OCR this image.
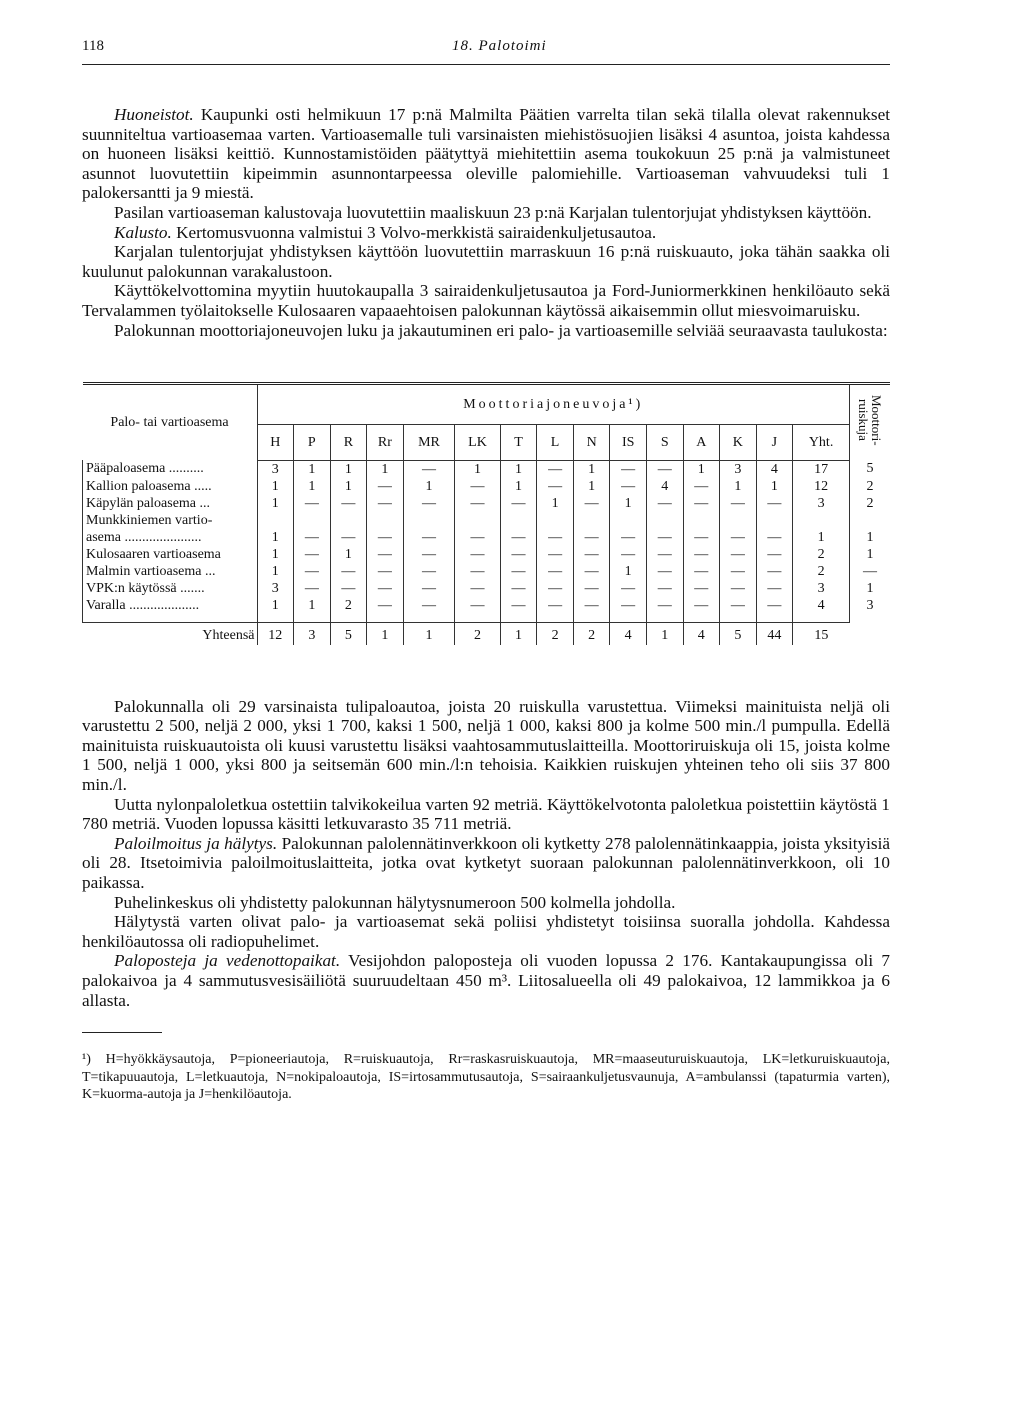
118	18. Palotoimi

Huoneistot. Kaupunki osti helmikuun 17 p:nä Malmilta Päätien varrelta tilan sekä tilalla olevat rakennukset suunniteltua vartioasemaa varten. Vartioasemalle tuli varsinaisten miehistösuojien lisäksi 4 asuntoa, joista kahdessa on huoneen lisäksi keittiö. Kunnostamistöiden päätyttyä miehitettiin asema toukokuun 25 p:nä ja valmistuneet asunnot luovutettiin kipeimmin asunnontarpeessa oleville palomiehille. Vartioaseman vahvuudeksi tuli 1 palokersantti ja 9 miestä.

Pasilan vartioaseman kalustovaja luovutettiin maaliskuun 23 p:nä Karjalan tulentorjujat yhdistyksen käyttöön.

Kalusto. Kertomusvuonna valmistui 3 Volvo-merkkistä sairaidenkuljetusautoa.

Karjalan tulentorjujat yhdistyksen käyttöön luovutettiin marraskuun 16 p:nä ruiskuauto, joka tähän saakka oli kuulunut palokunnan varakalustoon.

Käyttökelvottomina myytiin huutokaupalla 3 sairaidenkuljetusautoa ja Ford-Juniormerkkinen henkilöauto sekä Tervalammen työlaitokselle Kulosaaren vapaaehtoisen palokunnan käytössä aikaisemmin ollut miesvoimaruisku.

Palokunnan moottoriajoneuvojen luku ja jakautuminen eri palo- ja vartioasemille selviää seuraavasta taulukosta:

Palo- tai vartioasema	Moottoriajoneuvoja¹)															Moottori-ruiskuja
	H	P	R	Rr	MR	LK	T	L	N	IS	S	A	K	J	Yht.	
Pääpaloasema ..........	3	1	1	1	—	1	1	—	1	—	—	1	3	4	17	5
Kallion paloasema .....	1	1	1	—	1	—	1	—	1	—	4	—	1	1	12	2
Käpylän paloasema ...	1	—	—	—	—	—	—	1	—	1	—	—	—	—	3	2
Munkkiniemen vartio-																
asema ......................	1	—	—	—	—	—	—	—	—	—	—	—	—	—	1	1
Kulosaaren vartioasema	1	—	1	—	—	—	—	—	—	—	—	—	—	—	2	1
Malmin vartioasema ...	1	—	—	—	—	—	—	—	—	1	—	—	—	—	2	—
VPK:n käytössä .......	3	—	—	—	—	—	—	—	—	—	—	—	—	—	3	1
Varalla ....................	1	1	2	—	—	—	—	—	—	—	—	—	—	—	4	3

Yhteensä	12	3	5	1	1	2	1	2	2	4	1	4	5	44	15	

Palokunnalla oli 29 varsinaista tulipaloautoa, joista 20 ruiskulla varustettua. Viimeksi mainituista neljä oli varustettu 2 500, neljä 2 000, yksi 1 700, kaksi 1 500, neljä 1 000, kaksi 800 ja kolme 500 min./l pumpulla. Edellä mainituista ruiskuautoista oli kuusi varustettu lisäksi vaahtosammutuslaitteilla. Moottoriruiskuja oli 15, joista kolme 1 500, neljä 1 000, yksi 800 ja seitsemän 600 min./l:n tehoisia. Kaikkien ruiskujen yhteinen teho oli siis 37 800 min./l.

Uutta nylonpaloletkua ostettiin talvikokeilua varten 92 metriä. Käyttökelvotonta paloletkua poistettiin käytöstä 1 780 metriä. Vuoden lopussa käsitti letkuvarasto 35 711 metriä.

Paloilmoitus ja hälytys. Palokunnan palolennätinverkkoon oli kytketty 278 palolennätinkaappia, joista yksityisiä oli 28. Itsetoimivia paloilmoituslaitteita, jotka ovat kytketyt suoraan palokunnan palolennätinverkkoon, oli 10 paikassa.

Puhelinkeskus oli yhdistetty palokunnan hälytysnumeroon 500 kolmella johdolla.

Hälytystä varten olivat palo- ja vartioasemat sekä poliisi yhdistetyt toisiinsa suoralla johdolla. Kahdessa henkilöautossa oli radiopuhelimet.

Paloposteja ja vedenottopaikat. Vesijohdon paloposteja oli vuoden lopussa 2 176. Kantakaupungissa oli 7 palokaivoa ja 4 sammutusvesisäiliötä suuruudeltaan 450 m³. Liitosalueella oli 49 palokaivoa, 12 lammikkoa ja 6 allasta.

¹) H=hyökkäysautoja, P=pioneeriautoja, R=ruiskuautoja, Rr=raskasruiskuautoja, MR=maaseuturuiskuautoja, LK=letkuruiskuautoja, T=tikapuuautoja, L=letkuautoja, N=nokipaloautoja, IS=irtosammutusautoja, S=sairaankuljetusvaunuja, A=ambulanssi (tapaturmia varten), K=kuorma-autoja ja J=henkilöautoja.
